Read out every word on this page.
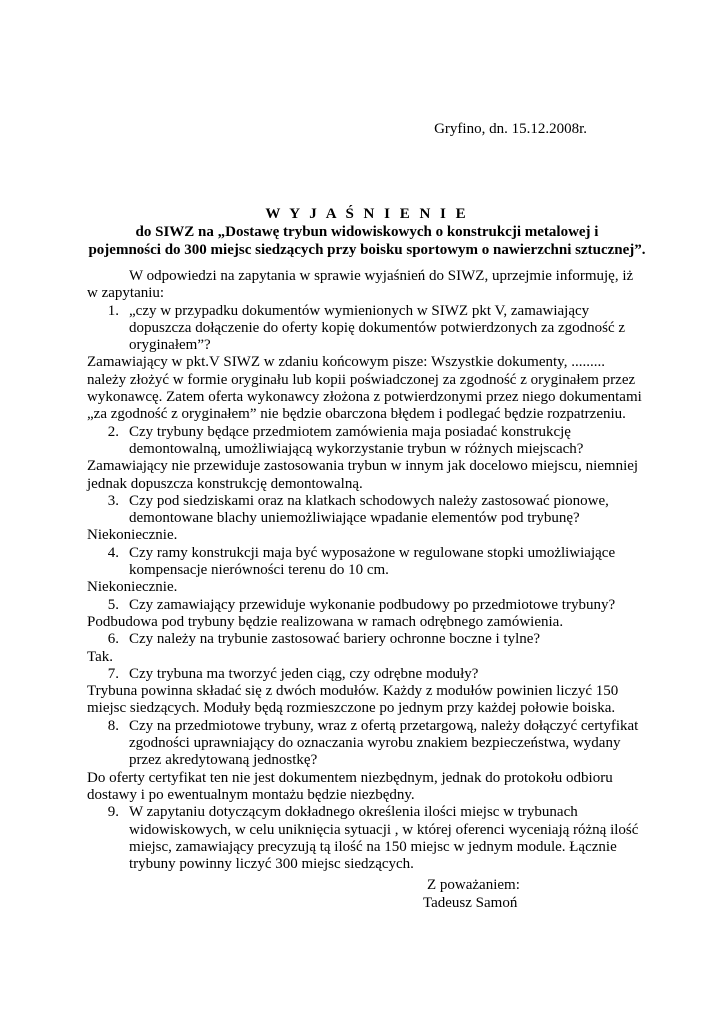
Gryfino, dn. 15.12.2008r.
W Y J A Ś N I E N I E
do SIWZ na „Dostawę trybun widowiskowych o konstrukcji metalowej i
pojemności do 300 miejsc siedzących przy boisku sportowym o nawierzchni sztucznej”.

W odpowiedzi na zapytania w sprawie wyjaśnień do SIWZ, uprzejmie informuję, iż w zapytaniu:

1. „czy w przypadku dokumentów wymienionych w SIWZ pkt V, zamawiający dopuszcza dołączenie do oferty kopię dokumentów potwierdzonych za zgodność z oryginałem”?

Zamawiający w pkt.V SIWZ w zdaniu końcowym pisze: Wszystkie dokumenty, ......... należy złożyć w formie oryginału lub kopii poświadczonej za zgodność z oryginałem przez wykonawcę. Zatem oferta wykonawcy złożona z potwierdzonymi przez niego dokumentami „za zgodność z oryginałem” nie będzie obarczona błędem i podlegać będzie rozpatrzeniu.

2. Czy trybuny będące przedmiotem zamówienia maja posiadać konstrukcję demontowalną, umożliwiającą wykorzystanie trybun w różnych miejscach?

Zamawiający nie przewiduje zastosowania trybun w innym jak docelowo miejscu, niemniej jednak dopuszcza konstrukcję demontowalną.

3. Czy pod siedziskami oraz na klatkach schodowych należy zastosować pionowe, demontowane blachy uniemożliwiające wpadanie elementów pod trybunę?

Niekoniecznie.

4. Czy ramy konstrukcji maja być wyposażone w regulowane stopki umożliwiające kompensacje nierówności terenu do 10 cm.

Niekoniecznie.

5. Czy zamawiający przewiduje wykonanie podbudowy po przedmiotowe trybuny?

Podbudowa pod trybuny będzie realizowana w ramach odrębnego zamówienia.

6. Czy należy na trybunie zastosować bariery ochronne boczne i tylne?

Tak.

7. Czy trybuna ma tworzyć jeden ciąg, czy odrębne moduły?

Trybuna powinna składać się z dwóch modułów. Każdy z modułów powinien liczyć 150 miejsc siedzących. Moduły będą rozmieszczone po jednym przy każdej połowie boiska.

8. Czy na przedmiotowe trybuny, wraz z ofertą przetargową, należy dołączyć certyfikat zgodności uprawniający do oznaczania wyrobu znakiem bezpieczeństwa, wydany przez akredytowaną jednostkę?

Do oferty certyfikat ten nie jest dokumentem niezbędnym, jednak do protokołu odbioru dostawy i po ewentualnym montażu będzie niezbędny.

9. W zapytaniu dotyczącym dokładnego określenia ilości miejsc w trybunach widowiskowych, w celu uniknięcia sytuacji , w której oferenci wyceniają różną ilość miejsc, zamawiający precyzują tą ilość na 150 miejsc w jednym module. Łącznie trybuny powinny liczyć 300 miejsc siedzących.
Z poważaniem:
Tadeusz Samoń
